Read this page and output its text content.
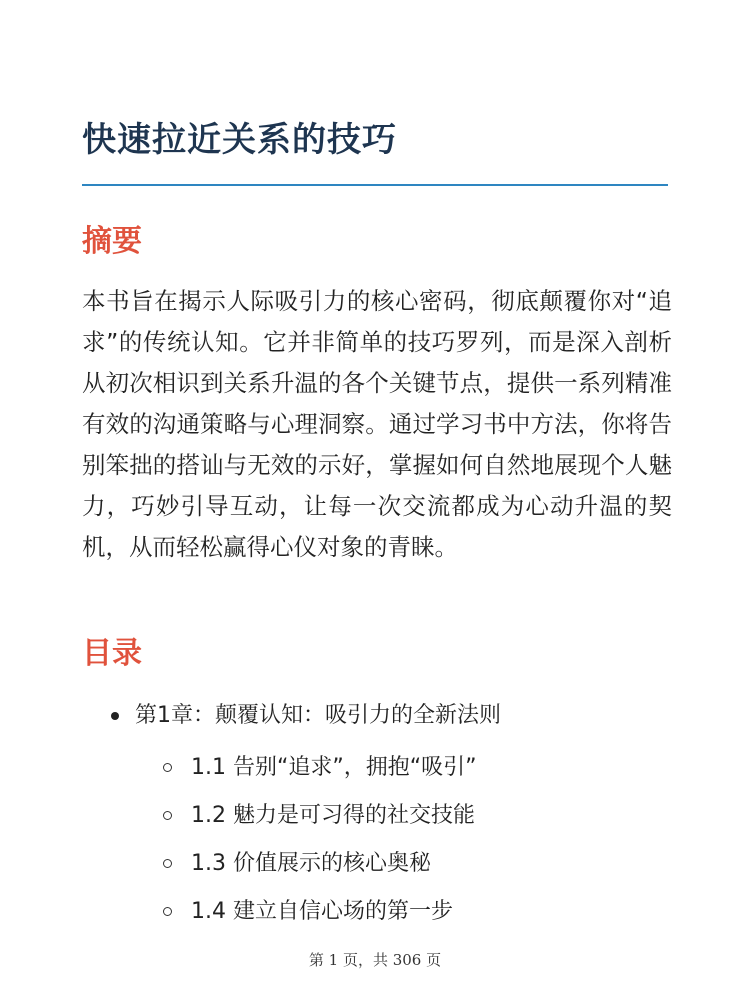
快速拉近关系的技巧
摘要

本书旨在揭示人际吸引力的核心密码，彻底颠覆你对“追求”的传统认知。它并非简单的技巧罗列，而是深入剖析从初次相识到关系升温的各个关键节点，提供一系列精准有效的沟通策略与心理洞察。通过学习书中方法，你将告别笨拙的搭讪与无效的示好，掌握如何自然地展现个人魅力，巧妙引导互动，让每一次交流都成为心动升温的契机，从而轻松赢得心仪对象的青睐。

目录
第1章：颠覆认知：吸引力的全新法则
1.1 告别“追求”，拥抱“吸引”
1.2 魅力是可习得的社交技能
1.3 价值展示的核心奥秘
1.4 建立自信心场的第一步
第 1 页，共 306 页
